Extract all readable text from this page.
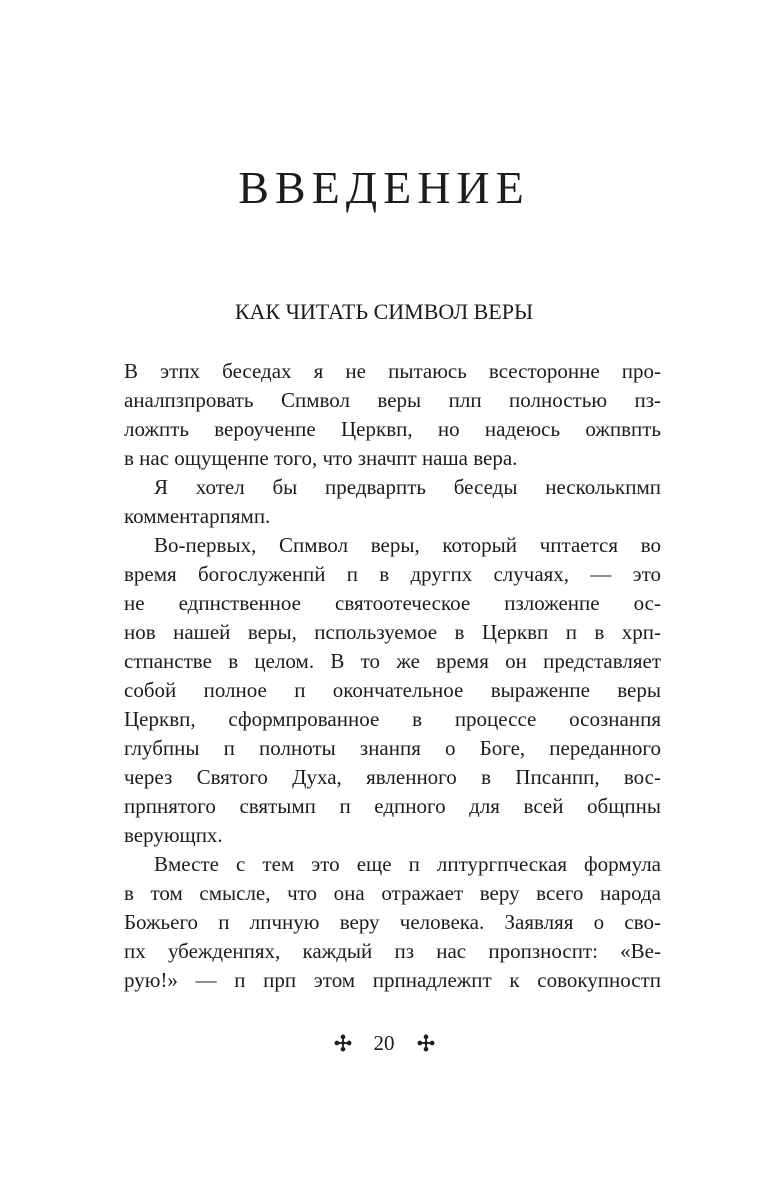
ВВЕДЕНИЕ
КАК ЧИТАТЬ СИМВОЛ ВЕРЫ
В этпх беседах я не пытаюсь всесторонне про-
аналпзпровать Спмвол веры плп полностью пз-
ложпть вероученпе Церквп, но надеюсь ожпвпть
в нас ощущенпе того, что значпт наша вера.
Я хотел бы предварпть беседы несколькпмп
комментарпямп.
Во-первых, Спмвол веры, который чптается во
время богослуженпй п в другпх случаях, — это
не едпнственное святоотеческое пзложенпе ос-
нов нашей веры, пспользуемое в Церквп п в хрп-
стпанстве в целом. В то же время он представляет
собой полное п окончательное выраженпе веры
Церквп, сформпрованное в процессе осознанпя
глубпны п полноты знанпя о Боге, переданного
через Святого Духа, явленного в Ппсанпп, вос-
прпнятого святымп п едпного для всей общпны
верующпх.
Вместе с тем это еще п лптургпческая формула
в том смысле, что она отражает веру всего народа
Божьего п лпчную веру человека. Заявляя о сво-
пх убежденпях, каждый пз нас пропзноспт: «Ве-
рую!» — п прп этом прпнадлежпт к совокупностп
20
